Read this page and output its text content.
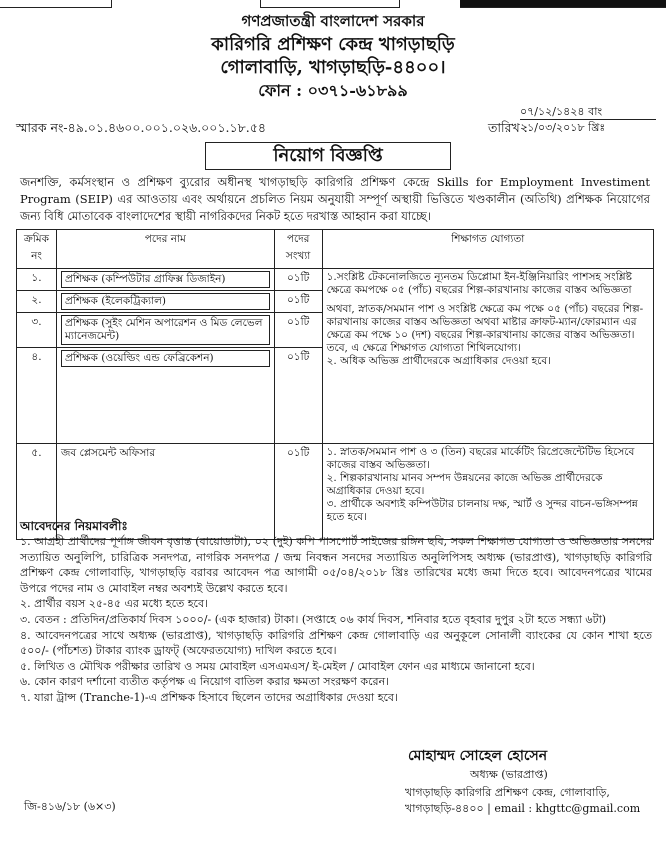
গণপ্রজাতন্ত্রী বাংলাদেশ সরকার
কারিগরি প্রশিক্ষণ কেন্দ্র খাগড়াছড়ি
গোলাবাড়ি, খাগড়াছড়ি-৪৪০০।
ফোন : ০৩৭১-৬১৮৯৯
স্মারক নং-৪৯.০১.৪৬০০.০০১.০২৬.০০১.১৮.৫৪	তারিখ :
০৭/১২/১৪২৪ বাং
২১/০৩/২০১৮ খ্রিঃ
নিয়োগ বিজ্ঞপ্তি
জনশক্তি, কর্মসংস্থান ও প্রশিক্ষণ ব্যুরোর অধীনস্থ খাগড়াছড়ি কারিগরি প্রশিক্ষণ কেন্দ্রে Skills for Employment Investiment Program (SEIP) এর আওতায় এবং অর্থায়নে প্রচলিত নিয়ম অনুযায়ী সম্পূর্ণ অস্থায়ী ভিত্তিতে খণ্ডকালীন (অতিথি) প্রশিক্ষক নিয়োগের জন্য বিধি মোতাবেক বাংলাদেশের স্থায়ী নাগরিকদের নিকট হতে দরখাস্ত আহ্বান করা যাচ্ছে।
ক্রমিক নং	পদের নাম	পদের সংখ্যা	শিক্ষাগত যোগ্যতা
১.	প্রশিক্ষক (কম্পিউটার গ্রাফিক্স ডিজাইন)	০১টি	১.সংশ্লিষ্ট টেকনোলজিতে ন্যূনতম ডিপ্লোমা ইন-ইঞ্জিনিয়ারিং পাশসহ সংশ্লিষ্ট ক্ষেত্রে কমপক্ষে ০৫ (পাঁচ) বছরের শিল্প-কারখানায় কাজের বাস্তব অভিজ্ঞতা
অথবা, স্নাতক/সমমান পাশ ও সংশ্লিষ্ট ক্ষেত্রে কম পক্ষে ০৫ (পাঁচ) বছরের শিল্প-কারখানায় কাজের বাস্তব অভিজ্ঞতা অথবা মাষ্টার ক্রাফট-ম্যান/ফোরম্যান এর ক্ষেত্রে কম পক্ষে ১০ (দশ) বছরের শিল্প-কারখানায় কাজের বাস্তব অভিজ্ঞতা। তবে, এ ক্ষেত্রে শিক্ষাগত যোগ্যতা শিথিলযোগ্য।
২. অধিক অভিজ্ঞ প্রার্থীদেরকে অগ্রাধিকার দেওয়া হবে।

২.	প্রশিক্ষক (ইলেকট্রিক্যাল)	০১টি	
৩.	প্রশিক্ষক (সুইং মেশিন অপারেশন ও মিড লেভেল ম্যানেজমেন্ট)	০১টি	
৪.	প্রশিক্ষক (ওয়েল্ডিং এন্ড ফেব্রিকেশন)	০১টি	
৫.	জব প্লেসমেন্ট অফিসার	০১টি	১. স্নাতক/সমমান পাশ ও ৩ (তিন) বছরের মার্কেটিং রিপ্রেজেন্টেটিভ হিসেবে কাজের বাস্তব অভিজ্ঞতা।
২. শিল্পকারখানায় মানব সম্পদ উন্নয়নের কাজে অভিজ্ঞ প্রার্থীদেরকে অগ্রাধিকার দেওয়া হবে।
৩. প্রার্থীকে অবশ্যই কম্পিউটার চালনায় দক্ষ, স্মার্ট ও সুন্দর বাচন-ভঙ্গিসম্পন্ন হতে হবে।
আবেদনের নিয়মাবলীঃ
১. আগ্রহী প্রার্থীদের পূর্ণাঙ্গ জীবন বৃত্তান্ত (বায়োডাটা), ০২ (দুই) কপি পাসপোর্ট সাইজের রঙ্গিন ছবি, সকল শিক্ষাগত যোগ্যতা ও অভিজ্ঞতার সনদের সত্যায়িত অনুলিপি, চারিত্রিক সনদপত্র, নাগরিক সনদপত্র / জন্ম নিবন্ধন সনদের সত্যায়িত অনুলিপিসহ অধ্যক্ষ (ভারপ্রাপ্ত), খাগড়াছড়ি কারিগরি প্রশিক্ষণ কেন্দ্র গোলাবাড়ি, খাগড়াছড়ি বরাবর আবেদন পত্র আগামী ০৫/০৪/২০১৮ খ্রিঃ তারিখের মধ্যে জমা দিতে হবে। আবেদনপত্রের খামের উপরে পদের নাম ও মোবাইল নম্বর অবশ্যই উল্লেখ করতে হবে।
২. প্রার্থীর বয়স ২৫-৪৫ এর মধ্যে হতে হবে।
৩. বেতন : প্রতিদিন/প্রতিকার্য দিবস ১০০০/- (এক হাজার) টাকা। (সপ্তাহে ০৬ কার্য দিবস, শনিবার হতে বৃহবার দুপুর ২টা হতে সন্ধ্যা ৬টা)
৪. আবেদনপত্রের সাথে অধ্যক্ষ (ভারপ্রাপ্ত), খাগড়াছড়ি কারিগরি প্রশিক্ষণ কেন্দ্র গোলাবাড়ি এর অনুকূলে সোনালী ব্যাংকের যে কোন শাখা হতে ৫০০/- (পাঁচশত) টাকার ব্যাংক ড্রাফট্ (অফেরতযোগ্য) দাখিল করতে হবে।
৫. লিখিত ও মৌখিক পরীক্ষার তারিখ ও সময় মোবাইল এসএমএস/ ই-মেইল / মোবাইল ফোন এর মাধ্যমে জানানো হবে।
৬. কোন কারণ দর্শানো ব্যতীত কর্তৃপক্ষ এ নিয়োগ বাতিল করার ক্ষমতা সংরক্ষণ করেন।
৭. যারা ট্রান্স (Tranche-1)-এ প্রশিক্ষক হিসাবে ছিলেন তাদের অগ্রাধিকার দেওয়া হবে।
মোহাম্মদ সোহেল হোসেন
অধ্যক্ষ (ভারপ্রাপ্ত)
খাগড়াছড়ি কারিগরি প্রশিক্ষণ কেন্দ্র, গোলাবাড়ি,
খাগড়াছড়ি-৪৪০০ | email : khgttc@gmail.com
জি-৪১৬/১৮ (৬×৩)
